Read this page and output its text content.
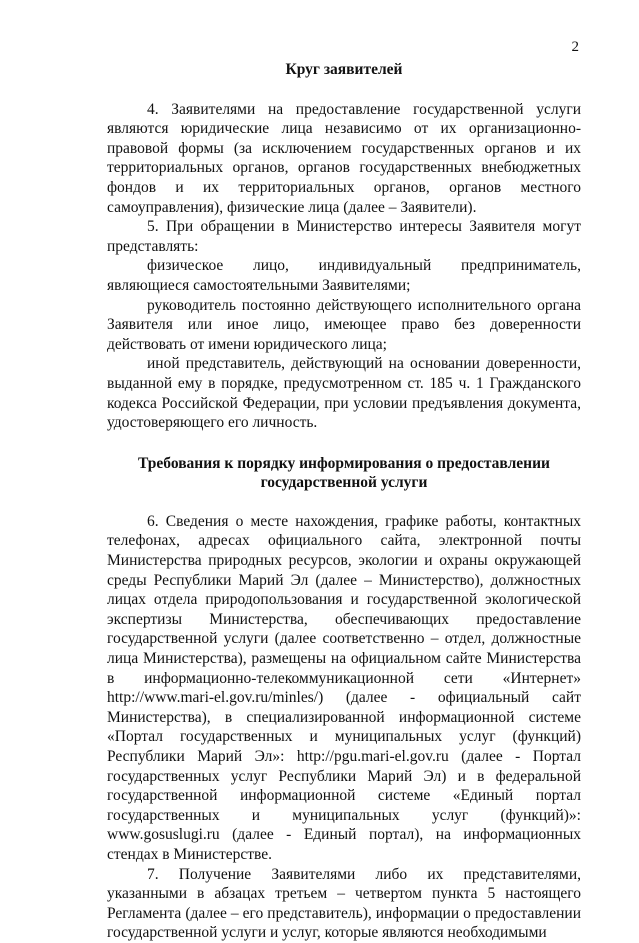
2
Круг заявителей

4. Заявителями на предоставление государственной услуги являются юридические лица независимо от их организационно-правовой формы (за исключением государственных органов и их территориальных органов, органов государственных внебюджетных фондов и их территориальных органов, органов местного самоуправления), физические лица (далее – Заявители).

5. При обращении в Министерство интересы Заявителя могут представлять:

физическое лицо, индивидуальный предприниматель, являющиеся самостоятельными Заявителями;

руководитель постоянно действующего исполнительного органа Заявителя или иное лицо, имеющее право без доверенности действовать от имени юридического лица;

иной представитель, действующий на основании доверенности, выданной ему в порядке, предусмотренном ст. 185 ч. 1 Гражданского кодекса Российской Федерации, при условии предъявления документа, удостоверяющего его личность.

Требования к порядку информирования о предоставлении государственной услуги

6. Сведения о месте нахождения, графике работы, контактных телефонах, адресах официального сайта, электронной почты Министерства природных ресурсов, экологии и охраны окружающей среды Республики Марий Эл (далее – Министерство), должностных лицах отдела природопользования и государственной экологической экспертизы Министерства, обеспечивающих предоставление государственной услуги (далее соответственно – отдел, должностные лица Министерства), размещены на официальном сайте Министерства в информационно-телекоммуникационной сети «Интернет» http://www.mari-el.gov.ru/minles/) (далее - официальный сайт Министерства), в специализированной информационной системе «Портал государственных и муниципальных услуг (функций) Республики Марий Эл»: http://pgu.mari-el.gov.ru (далее - Портал государственных услуг Республики Марий Эл) и в федеральной государственной информационной системе «Единый портал государственных и муниципальных услуг (функций)»: www.gosuslugi.ru (далее - Единый портал), на информационных стендах в Министерстве.

7. Получение Заявителями либо их представителями, указанными в абзацах третьем – четвертом пункта 5 настоящего Регламента (далее – его представитель), информации о предоставлении государственной услуги и услуг, которые являются необходимыми
